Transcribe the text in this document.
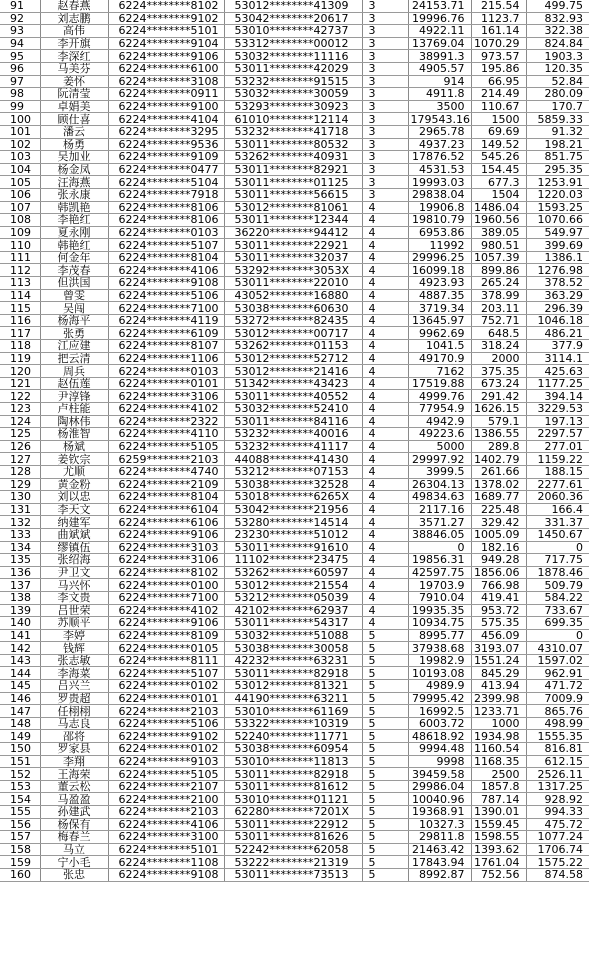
91	赵春燕	6224********8102	53012********41309	3	24153.71	215.54	499.75
92	刘志鹏	6224********9102	53042********20617	3	19996.76	1123.7	832.93
93	高伟	6224********5101	53010********42737	3	4922.11	161.14	322.38
94	李开旗	6224********9104	53312********00012	3	13769.04	1070.29	824.84
95	李深红	6224********9106	53032********11116	3	38991.3	973.57	1903.3
96	马美芬	6224********6100	53011********42029	3	4905.57	195.86	120.35
97	姜怀	6224********3108	53232********91515	3	914	66.95	52.84
98	阮清莹	6224********0911	53032********30059	3	4911.8	214.49	280.09
99	卓娟美	6224********9100	53293********30923	3	3500	110.67	170.7
100	顾仕喜	6224********4104	61010********12114	3	179543.16	1500	5859.33
101	潘云	6224********3295	53232********41718	3	2965.78	69.69	91.32
102	杨勇	6224********9536	53011********80532	3	4937.23	149.52	198.21
103	吴加业	6224********9109	53262********40931	3	17876.52	545.26	851.75
104	杨金凤	6224********0477	53011********82921	3	4531.53	154.45	295.35
105	汪海燕	6224********5104	53011********01125	3	19993.03	677.3	1253.91
106	张永康	6224********7918	53011********56615	3	29838.04	1504	1220.03
107	韩凯艳	6224********8106	53012********81061	4	19906.8	1486.04	1593.25
108	李艳红	6224********8106	53011********12344	4	19810.79	1960.56	1070.66
109	夏永刚	6224********0103	36220********94412	4	6953.86	389.05	549.97
110	韩艳红	6224********5107	53011********22921	4	11992	980.51	399.69
111	何金年	6224********8104	53011********32037	4	29996.25	1057.39	1386.1
112	李茂春	6224********4106	53292********3053X	4	16099.18	899.86	1276.98
113	但洪国	6224********9108	53011********22010	4	4923.93	265.24	378.52
114	曾雯	6224********5106	43052********16880	4	4887.35	378.99	363.29
115	吴闯	6224********7100	53038********60630	4	3719.34	203.11	296.39
116	杨海平	6224********4119	53272********82435	4	13645.97	752.71	1046.18
117	张勇	6224********6109	53012********00717	4	9962.69	648.5	486.21
118	江应建	6224********8107	53262********01153	4	1041.5	318.24	377.9
119	把云清	6224********1106	53012********52712	4	49170.9	2000	3114.1
120	周兵	6224********0103	53012********21416	4	7162	375.35	425.63
121	赵伍莲	6224********0101	51342********43423	4	17519.88	673.24	1177.25
122	尹淳锋	6224********3106	53011********40552	4	4999.76	291.42	394.14
123	卢柱能	6224********4102	53032********52410	4	77954.9	1626.15	3229.53
124	陶林伟	6224********2322	53011********84116	4	4942.9	579.1	197.13
125	杨淮智	6224********4110	53232********40016	4	49223.6	1386.55	2297.57
126	杨斌	6224********5105	53232********41117	4	5000	289.8	277.01
127	姜钦宗	6259********2103	44088********41430	4	29997.92	1402.79	1159.22
128	尤顺	6224********4740	53212********07153	4	3999.5	261.66	188.15
129	黄金粉	6224********2109	53038********32528	4	26304.13	1378.02	2277.61
130	刘以忠	6224********8104	53018********6265X	4	49834.63	1689.77	2060.36
131	李天文	6224********6104	53042********21956	4	2117.16	225.48	166.4
132	纳建军	6224********6106	53280********14514	4	3571.27	329.42	331.37
133	曲斌斌	6224********9106	23230********51012	4	38846.05	1005.09	1450.67
134	缪镇伍	6224********3103	53011********91610	4	0	182.16	0
135	张绍海	6224********3106	11102********23475	4	19856.31	949.28	717.75
136	尹卫文	6224********8102	53262********60597	4	42597.75	1856.06	1878.46
137	马兴怀	6224********0100	53012********21554	4	19703.9	766.98	509.79
138	李文贵	6224********7100	53212********05039	4	7910.04	419.41	584.22
139	吕世荣	6224********4102	42102********62937	4	19935.35	953.72	733.67
140	苏顺平	6224********9106	53011********54317	4	10934.75	575.35	699.35
141	李婷	6224********8109	53032********51088	5	8995.77	456.09	0
142	钱辉	6224********0105	53038********30058	5	37938.68	3193.07	4310.07
143	张志敏	6224********8111	42232********63231	5	19982.9	1551.24	1597.02
144	李海菜	6224********5107	53011********82918	5	10193.08	845.29	962.91
145	吕兴兰	6224********0102	53012********81321	5	4989.9	413.94	471.72
146	罗贵超	6224********0101	44190********63211	5	79995.42	2399.98	7009.9
147	任栩栩	6224********2103	53010********61169	5	16992.5	1233.71	865.76
148	马志良	6224********5106	53322********10319	5	6003.72	1000	498.99
149	邵将	6224********9102	52240********11771	5	48618.92	1934.98	1555.35
150	罗家县	6224********0102	53038********60954	5	9994.48	1160.54	816.81
151	李翔	6224********9103	53010********11813	5	9998	1168.35	612.15
152	王海荣	6224********5105	53011********82918	5	39459.58	2500	2526.11
153	董云松	6224********2107	53011********81612	5	29986.04	1857.8	1317.25
154	马盈盈	6224********2100	53010********01121	5	10040.96	787.14	928.92
155	孙建武	6224********2103	62280********7201X	5	19368.91	1390.01	994.33
156	杨保有	6224********4106	53011********22912	5	10327.3	1559.45	475.72
157	梅春兰	6224********3100	53011********81626	5	29811.8	1598.55	1077.24
158	马立	6224********5101	52242********62058	5	21463.42	1393.62	1706.74
159	宁小毛	6224********1108	53222********21319	5	17843.94	1761.04	1575.22
160	张忠	6224********9108	53011********73513	5	8992.87	752.56	874.58
